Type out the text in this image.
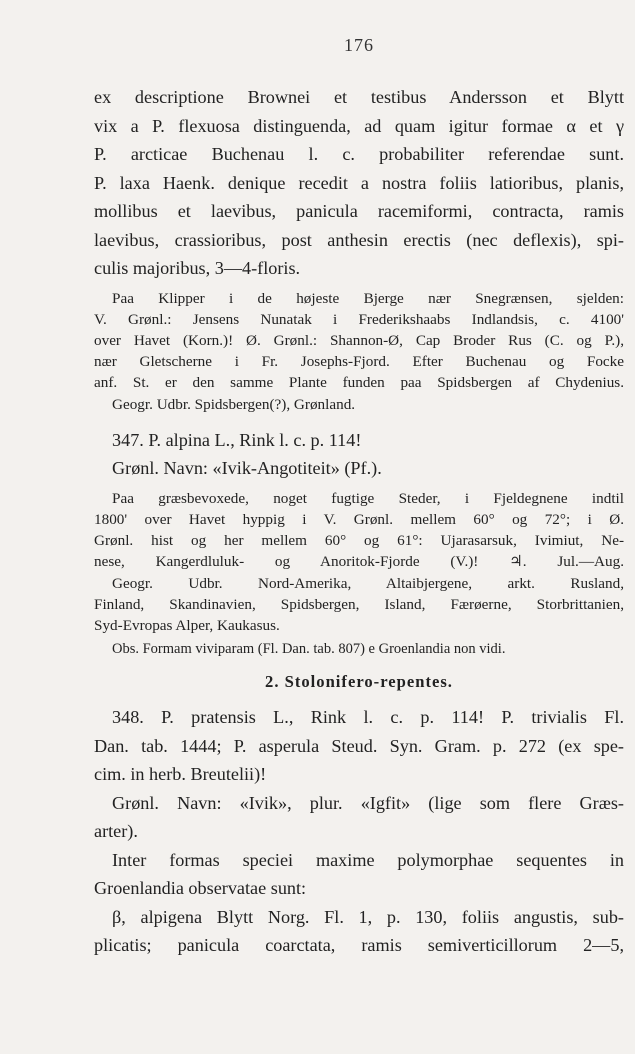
176

ex descriptione Brownei et testibus Andersson et Blytt

vix a P. flexuosa distinguenda, ad quam igitur formae α et γ

P. arcticae Buchenau l. c. probabiliter referendae sunt.

P. laxa Haenk. denique recedit a nostra foliis latioribus, planis,

mollibus et laevibus, panicula racemiformi, contracta, ramis

laevibus, crassioribus, post anthesin erectis (nec deflexis), spi-

culis majoribus, 3—4-floris.

Paa Klipper i de højeste Bjerge nær Snegrænsen, sjelden:

V. Grønl.: Jensens Nunatak i Frederikshaabs Indlandsis, c. 4100'

over Havet (Korn.)! Ø. Grønl.: Shannon-Ø, Cap Broder Rus (C. og P.),

nær Gletscherne i Fr. Josephs-Fjord. Efter Buchenau og Focke

anf. St. er den samme Plante funden paa Spidsbergen af Chydenius.

Geogr. Udbr. Spidsbergen(?), Grønland.

347. P. alpina L., Rink l. c. p. 114!

Grønl. Navn: «Ivik-Angotiteit» (Pf.).

Paa græsbevoxede, noget fugtige Steder, i Fjeldegnene indtil

1800' over Havet hyppig i V. Grønl. mellem 60° og 72°; i Ø.

Grønl. hist og her mellem 60° og 61°: Ujarasarsuk, Ivimiut, Ne-

nese, Kangerdluluk- og Anoritok-Fjorde (V.)! ♃. Jul.—Aug.

Geogr. Udbr. Nord-Amerika, Altaibjergene, arkt. Rusland,

Finland, Skandinavien, Spidsbergen, Island, Færøerne, Storbrittanien,

Syd-Evropas Alper, Kaukasus.

Obs. Formam viviparam (Fl. Dan. tab. 807) e Groenlandia non vidi.

2. Stolonifero-repentes.

348. P. pratensis L., Rink l. c. p. 114! P. trivialis Fl.

Dan. tab. 1444; P. asperula Steud. Syn. Gram. p. 272 (ex spe-

cim. in herb. Breutelii)!

Grønl. Navn: «Ivik», plur. «Igfit» (lige som flere Græs-

arter).

Inter formas speciei maxime polymorphae sequentes in

Groenlandia observatae sunt:

β, alpigena Blytt Norg. Fl. 1, p. 130, foliis angustis, sub-

plicatis; panicula coarctata, ramis semiverticillorum 2—5,
